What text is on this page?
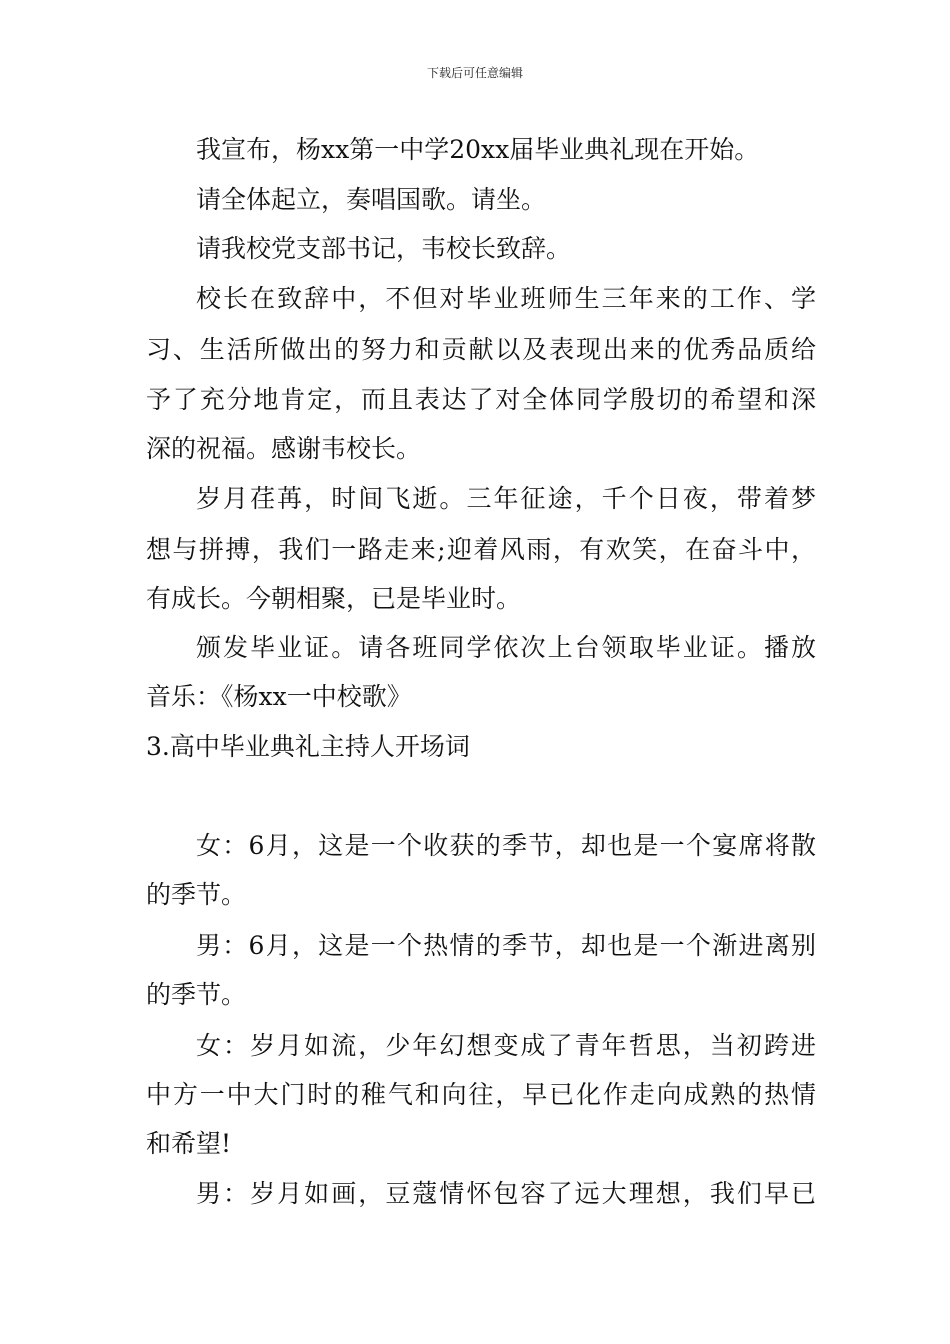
下载后可任意编辑
我宣布，杨xx第一中学20xx届毕业典礼现在开始。
请全体起立，奏唱国歌。请坐。
请我校党支部书记，韦校长致辞。
校长在致辞中，不但对毕业班师生三年来的工作、学
习、生活所做出的努力和贡献以及表现出来的优秀品质给
予了充分地肯定，而且表达了对全体同学殷切的希望和深
深的祝福。感谢韦校长。
岁月荏苒，时间飞逝。三年征途，千个日夜，带着梦
想与拼搏，我们一路走来;迎着风雨，有欢笑，在奋斗中，
有成长。今朝相聚，已是毕业时。
颁发毕业证。请各班同学依次上台领取毕业证。播放
音乐：《杨xx一中校歌》
3.高中毕业典礼主持人开场词
女：6月，这是一个收获的季节，却也是一个宴席将散
的季节。
男：6月，这是一个热情的季节，却也是一个渐进离别
的季节。
女：岁月如流，少年幻想变成了青年哲思，当初跨进
中方一中大门时的稚气和向往，早已化作走向成熟的热情
和希望!
男：岁月如画，豆蔻情怀包容了远大理想，我们早已
